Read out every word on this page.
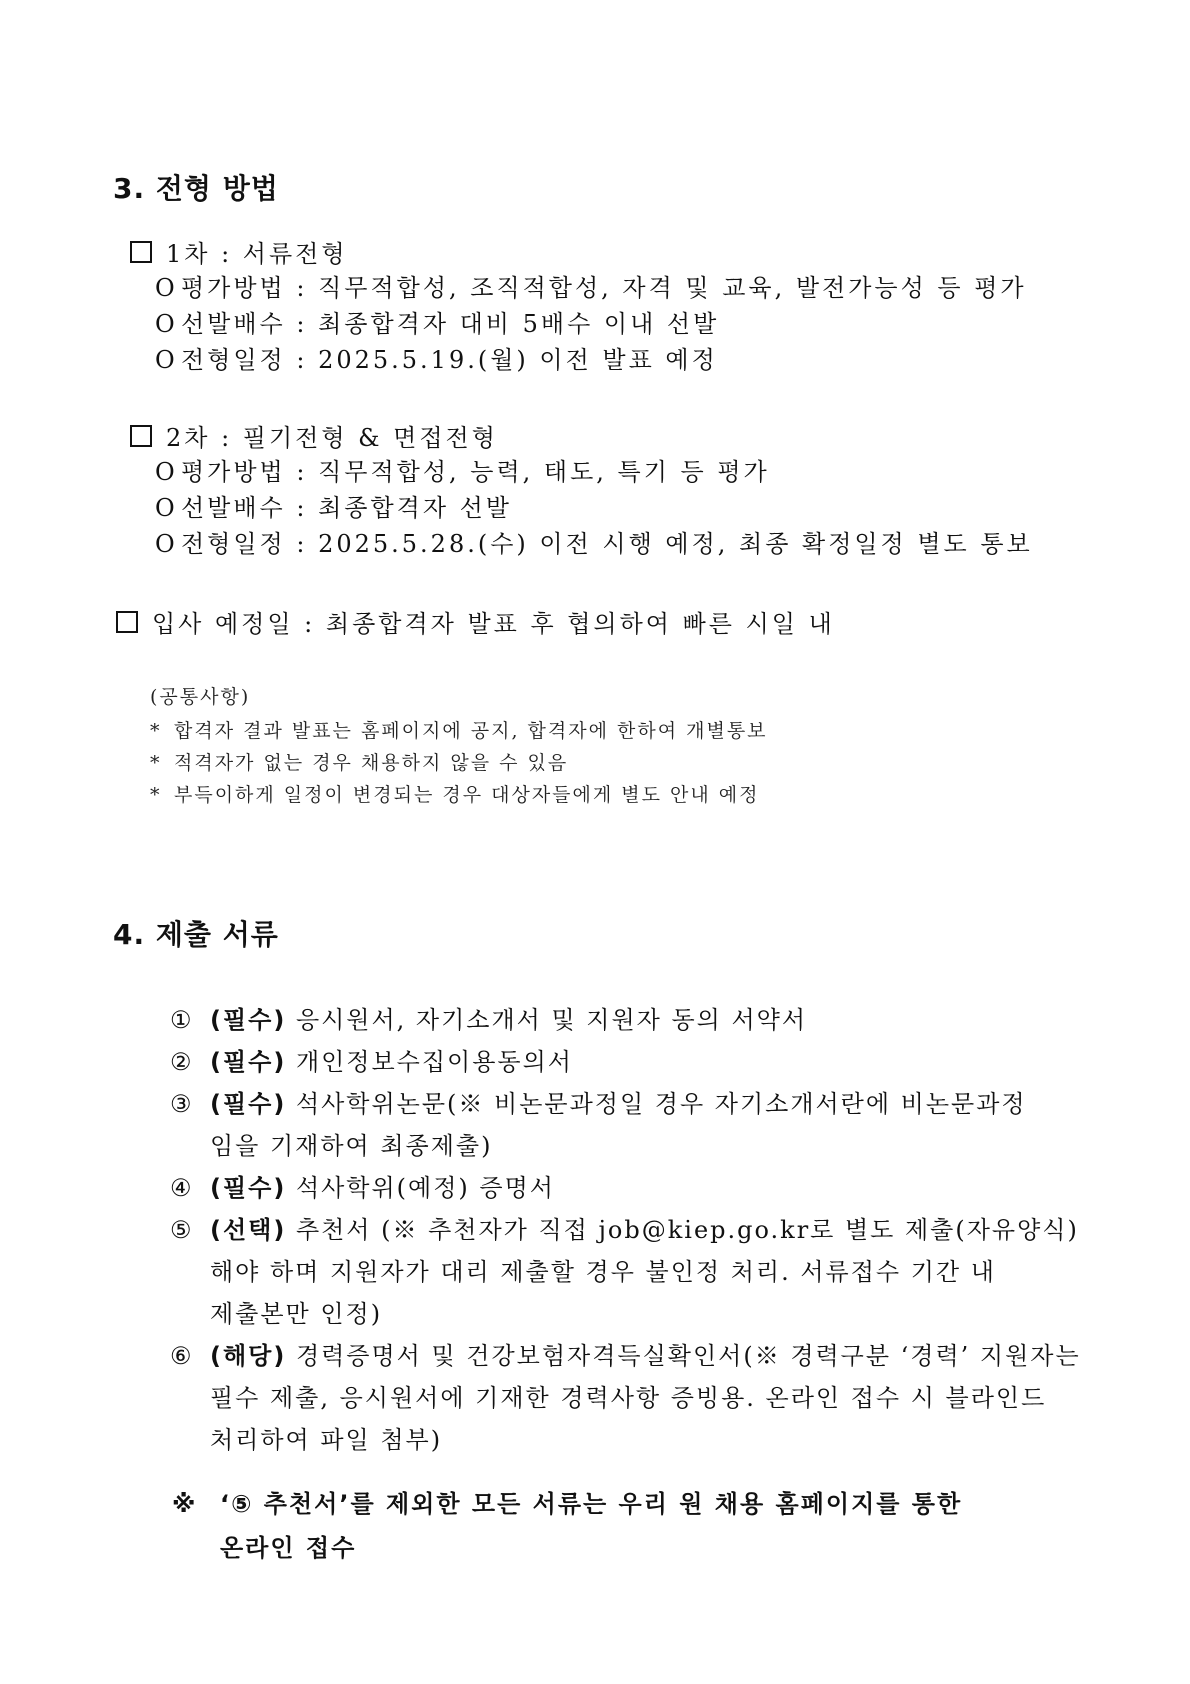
3. 전형 방법
1차 : 서류전형
O 평가방법 : 직무적합성, 조직적합성, 자격 및 교육, 발전가능성 등 평가
O 선발배수 : 최종합격자 대비 5배수 이내 선발
O 전형일정 : 2025.5.19.(월) 이전 발표 예정
2차 : 필기전형 & 면접전형
O 평가방법 : 직무적합성, 능력, 태도, 특기 등 평가
O 선발배수 : 최종합격자 선발
O 전형일정 : 2025.5.28.(수) 이전 시행 예정, 최종 확정일정 별도 통보
입사 예정일 : 최종합격자 발표 후 협의하여 빠른 시일 내
(공통사항)
* 합격자 결과 발표는 홈페이지에 공지, 합격자에 한하여 개별통보
* 적격자가 없는 경우 채용하지 않을 수 있음
* 부득이하게 일정이 변경되는 경우 대상자들에게 별도 안내 예정
4. 제출 서류
① (필수) 응시원서, 자기소개서 및 지원자 동의 서약서
② (필수) 개인정보수집이용동의서
③ (필수) 석사학위논문(※ 비논문과정일 경우 자기소개서란에 비논문과정
임을 기재하여 최종제출)
④ (필수) 석사학위(예정) 증명서
⑤ (선택) 추천서 (※ 추천자가 직접 job@kiep.go.kr로 별도 제출(자유양식)
해야 하며 지원자가 대리 제출할 경우 불인정 처리. 서류접수 기간 내
제출본만 인정)
⑥ (해당) 경력증명서 및 건강보험자격득실확인서(※ 경력구분 ‘경력’ 지원자는
필수 제출, 응시원서에 기재한 경력사항 증빙용. 온라인 접수 시 블라인드
처리하여 파일 첨부)
※ ‘⑤ 추천서’를 제외한 모든 서류는 우리 원 채용 홈페이지를 통한
온라인 접수
